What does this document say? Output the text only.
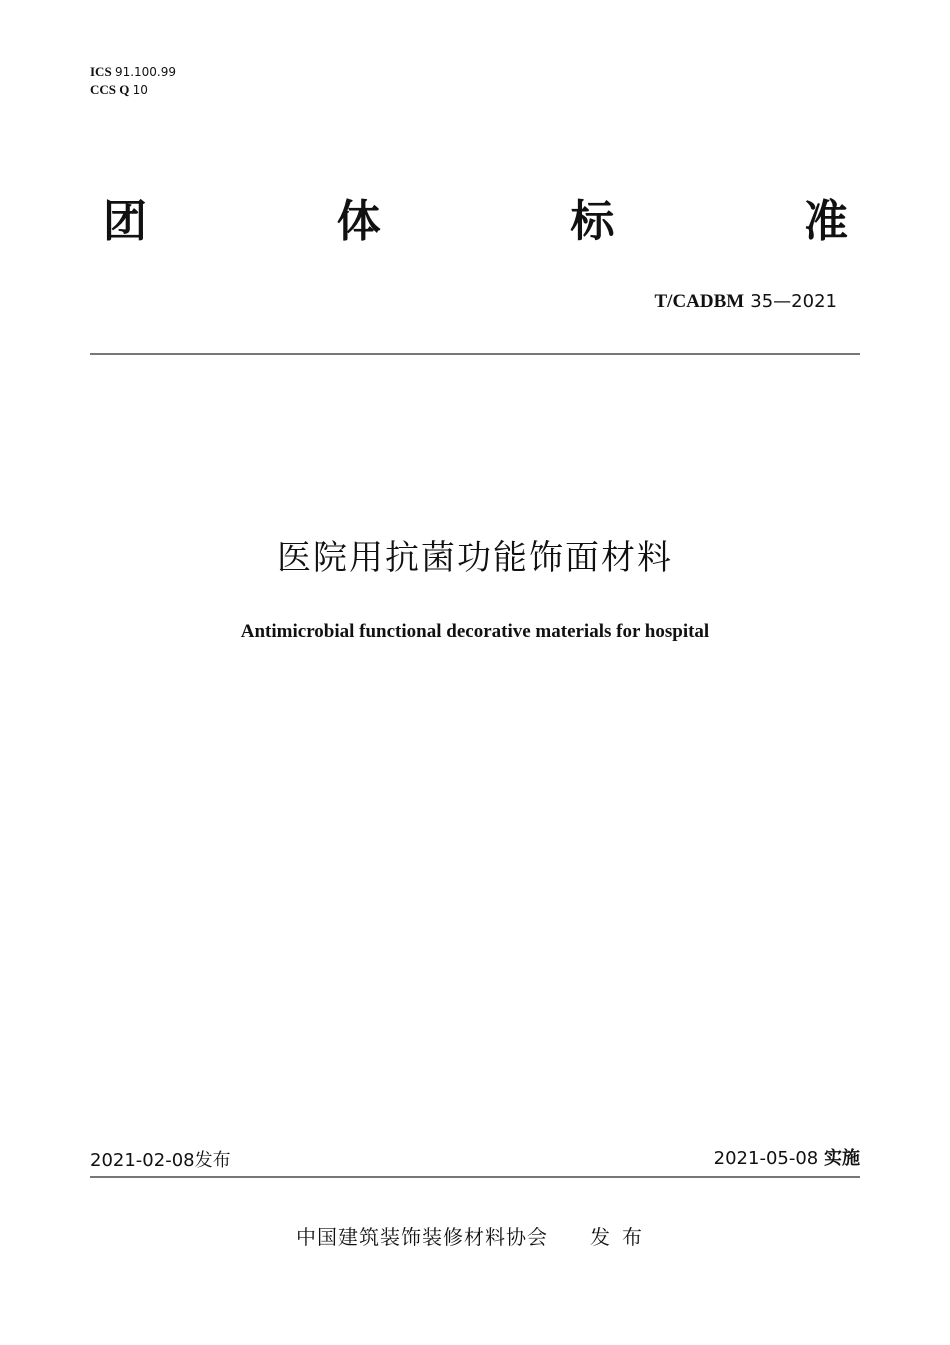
ICS 91.100.99
CCS Q 10
团	体	标	准
T/CADBM 35—2021
医院用抗菌功能饰面材料
Antimicrobial functional decorative materials for hospital
2021-02-08发布	2021-05-08 实施
中国建筑装饰装修材料协会 发布
